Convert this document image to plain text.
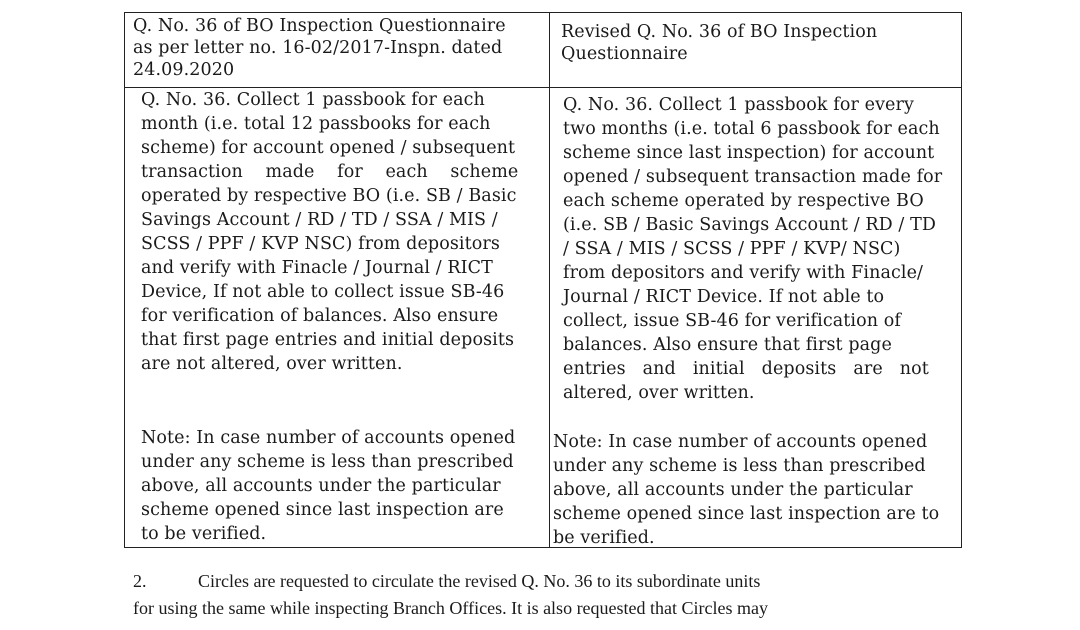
Q. No. 36 of BO Inspection Questionnaire
as per letter no. 16-02/2017-Inspn. dated
24.09.2020
Revised Q. No. 36 of BO Inspection
Questionnaire
Q. No. 36. Collect 1 passbook for each
month (i.e. total 12 passbooks for each
scheme) for account opened / subsequent
transaction    made    for    each    scheme
operated by respective BO (i.e. SB / Basic
Savings Account / RD / TD / SSA / MIS /
SCSS / PPF / KVP NSC) from depositors
and verify with Finacle / Journal / RICT
Device, If not able to collect issue SB-46
for verification of balances. Also ensure
that first page entries and initial deposits
are not altered, over written.
Note: In case number of accounts opened
under any scheme is less than prescribed
above, all accounts under the particular
scheme opened since last inspection are
to be verified.
Q. No. 36. Collect 1 passbook for every
two months (i.e. total 6 passbook for each
scheme since last inspection) for account
opened / subsequent transaction made for
each scheme operated by respective BO
(i.e. SB / Basic Savings Account / RD / TD
/ SSA / MIS / SCSS / PPF / KVP/ NSC)
from depositors and verify with Finacle/
Journal / RICT Device. If not able to
collect, issue SB-46 for verification of
balances. Also ensure that first page
entries   and   initial   deposits   are   not
altered, over written.
Note: In case number of accounts opened
under any scheme is less than prescribed
above, all accounts under the particular
scheme opened since last inspection are to
be verified.
2.	Circles are requested to circulate the revised Q. No. 36 to its subordinate units
for using the same while inspecting Branch Offices. It is also requested that Circles may
